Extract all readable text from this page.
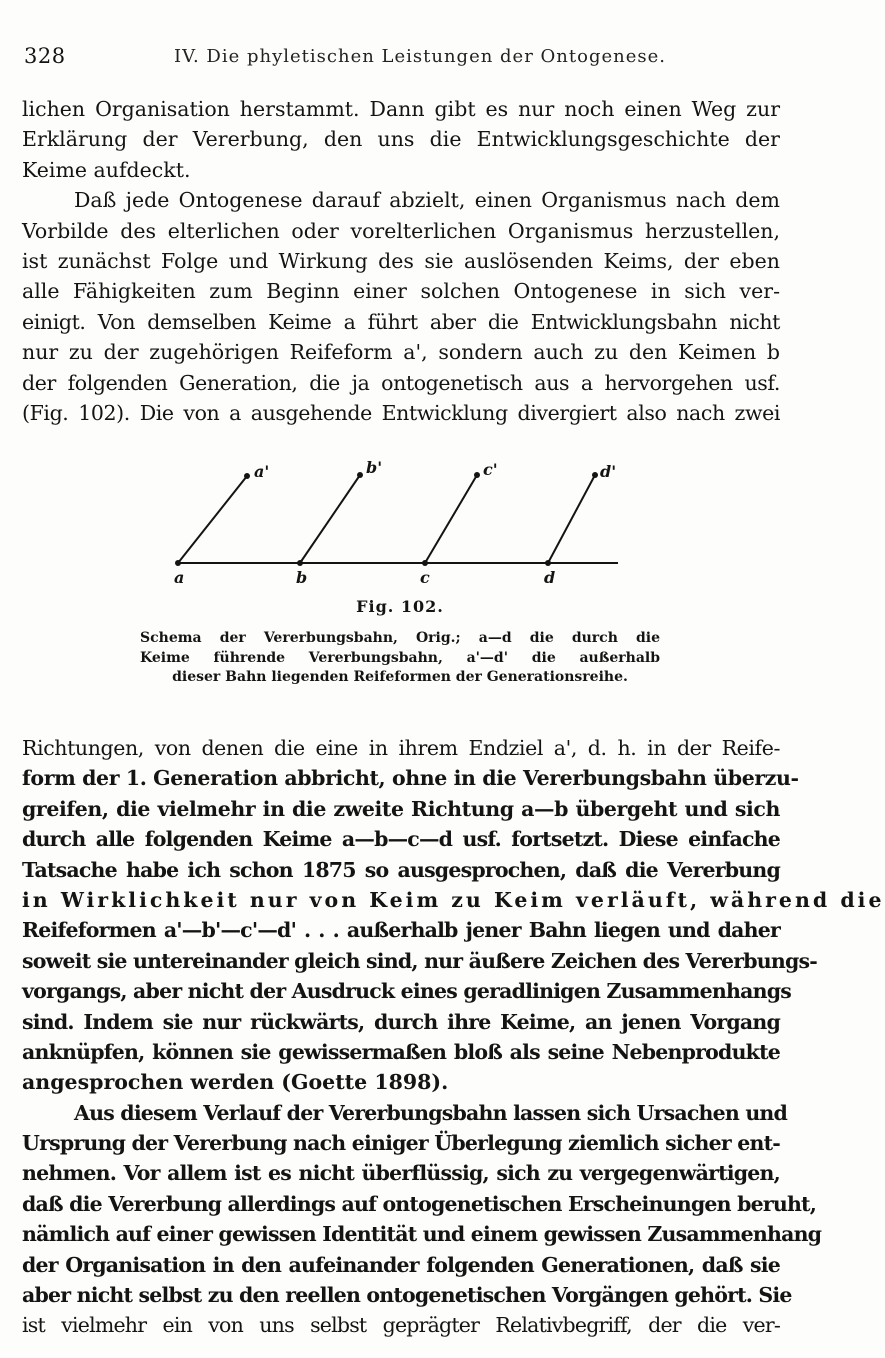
328	IV. Die phyletischen Leistungen der Ontogenese.
lichen Organisation herstammt. Dann gibt es nur noch einen Weg zur
Erklärung der Vererbung, den uns die Entwicklungsgeschichte der
Keime aufdeckt.
Daß jede Ontogenese darauf abzielt, einen Organismus nach dem
Vorbilde des elterlichen oder vorelterlichen Organismus herzustellen,
ist zunächst Folge und Wirkung des sie auslösenden Keims, der eben
alle Fähigkeiten zum Beginn einer solchen Ontogenese in sich ver-
einigt. Von demselben Keime a führt aber die Entwicklungsbahn nicht
nur zu der zugehörigen Reifeform a', sondern auch zu den Keimen b
der folgenden Generation, die ja ontogenetisch aus a hervorgehen usf.
(Fig. 102). Die von a ausgehende Entwicklung divergiert also nach zwei
a	b	c	d
a'	b'	c'	d'
Fig. 102.
Schema der Vererbungsbahn, Orig.; a—d die durch die
Keime führende Vererbungsbahn, a'—d' die außerhalb
dieser Bahn liegenden Reifeformen der Generationsreihe.
Richtungen, von denen die eine in ihrem Endziel a', d. h. in der Reife-
form der 1. Generation abbricht, ohne in die Vererbungsbahn überzu-
greifen, die vielmehr in die zweite Richtung a—b übergeht und sich
durch alle folgenden Keime a—b—c—d usf. fortsetzt. Diese einfache
Tatsache habe ich schon 1875 so ausgesprochen, daß die Vererbung
in Wirklichkeit nur von Keim zu Keim verläuft, während die
Reifeformen a'—b'—c'—d' . . . außerhalb jener Bahn liegen und daher
soweit sie untereinander gleich sind, nur äußere Zeichen des Vererbungs-
vorgangs, aber nicht der Ausdruck eines geradlinigen Zusammenhangs
sind. Indem sie nur rückwärts, durch ihre Keime, an jenen Vorgang
anknüpfen, können sie gewissermaßen bloß als seine Nebenprodukte
angesprochen werden (Goette 1898).
Aus diesem Verlauf der Vererbungsbahn lassen sich Ursachen und
Ursprung der Vererbung nach einiger Überlegung ziemlich sicher ent-
nehmen. Vor allem ist es nicht überflüssig, sich zu vergegenwärtigen,
daß die Vererbung allerdings auf ontogenetischen Erscheinungen beruht,
nämlich auf einer gewissen Identität und einem gewissen Zusammenhang
der Organisation in den aufeinander folgenden Generationen, daß sie
aber nicht selbst zu den reellen ontogenetischen Vorgängen gehört. Sie
ist vielmehr ein von uns selbst geprägter Relativbegriff, der die ver-
